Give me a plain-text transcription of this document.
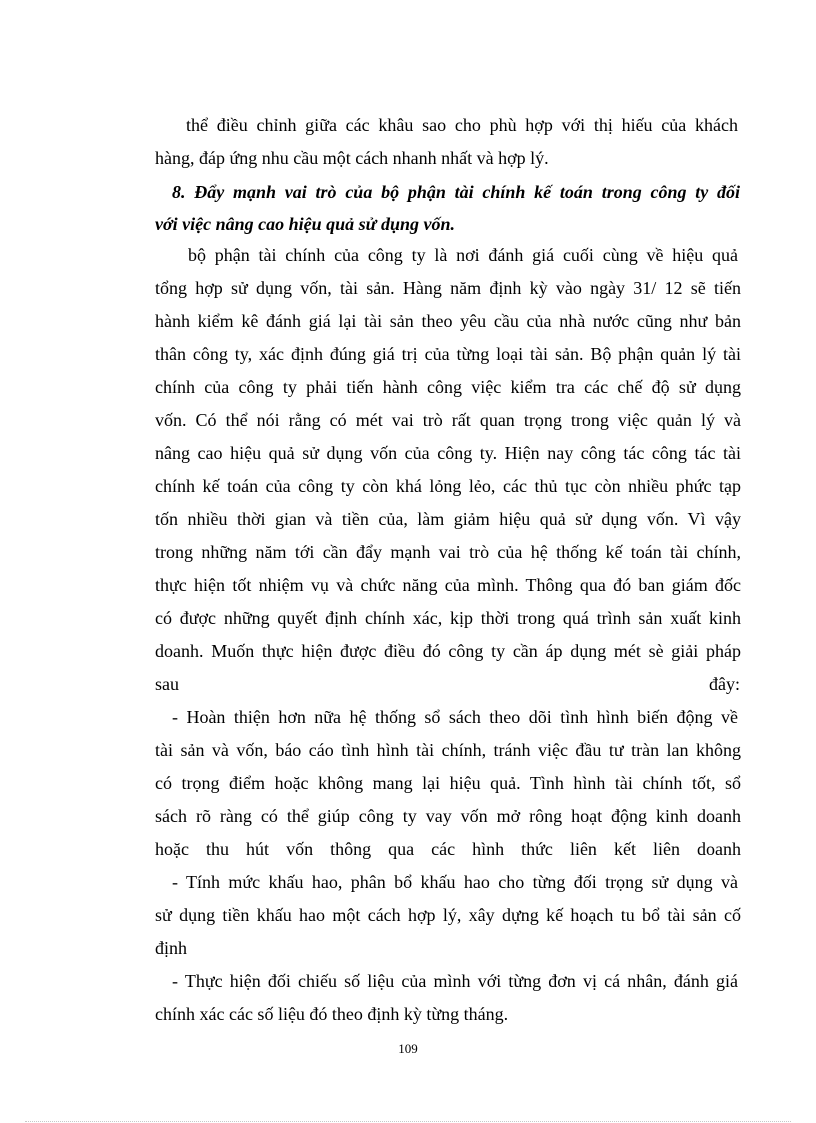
thể điều chỉnh giữa các khâu sao cho phù hợp với thị hiếu của khách
hàng, đáp ứng nhu cầu một cách nhanh nhất và hợp lý.
8. Đẩy mạnh vai trò của bộ phận tài chính kế toán trong công ty đối
với việc nâng cao hiệu quả sử dụng vốn.
bộ phận tài chính của công ty là nơi đánh giá cuối cùng về hiệu quả
tổng hợp sử dụng vốn, tài sản. Hàng năm định kỳ vào ngày 31/ 12 sẽ tiến
hành kiểm kê đánh giá lại tài sản theo yêu cầu của nhà nước cũng như bản
thân công ty, xác định đúng giá trị của từng loại tài sản. Bộ phận quản lý tài
chính của công ty phải tiến hành công việc kiểm tra các chế độ sử dụng
vốn. Có thể nói rằng có mét vai trò rất quan trọng trong việc quản lý và
nâng cao hiệu quả sử dụng vốn của công ty. Hiện nay công tác công tác tài
chính kế toán của công ty còn khá lỏng lẻo, các thủ tục còn nhiều phức tạp
tốn nhiều thời gian và tiền của, làm giảm hiệu quả sử dụng vốn. Vì vậy
trong những năm tới cần đẩy mạnh vai trò của hệ thống kế toán tài chính,
thực hiện tốt nhiệm vụ và chức năng của mình. Thông qua đó ban giám đốc
có được những quyết định chính xác, kịp thời trong quá trình sản xuất kinh
doanh. Muốn thực hiện được điều đó công ty cần áp dụng mét sè giải pháp
sau	đây:
- Hoàn thiện hơn nữa hệ thống sổ sách theo dõi tình hình biến động về
tài sản và vốn, báo cáo tình hình tài chính, tránh việc đầu tư tràn lan không
có trọng điểm hoặc không mang lại hiệu quả. Tình hình tài chính tốt, sổ
sách rõ ràng có thể giúp công ty vay vốn mở rông hoạt động kinh doanh
hoặc thu hút vốn thông qua các hình thức liên kết liên doanh
- Tính mức khấu hao, phân bổ khấu hao cho từng đối trọng sử dụng và
sử dụng tiền khấu hao một cách hợp lý, xây dựng kế hoạch tu bổ tài sản cố
định
- Thực hiện đối chiếu số liệu của mình với từng đơn vị cá nhân, đánh giá
chính xác các số liệu đó theo định kỳ từng tháng.
109
